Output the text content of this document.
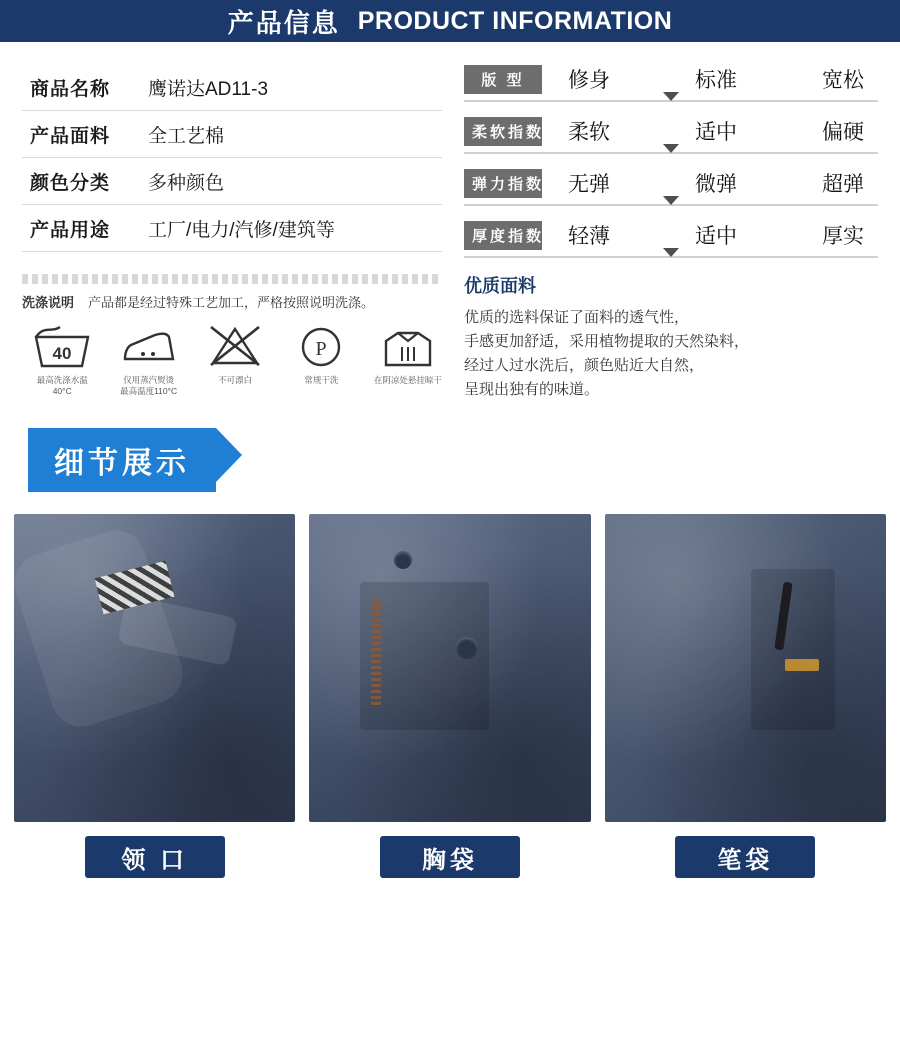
产品信息 PRODUCT INFORMATION
商品名称	鹰诺达AD11-3
产品面料	全工艺棉
颜色分类	多种颜色
产品用途	工厂/电力/汽修/建筑等
洗涤说明 产品都是经过特殊工艺加工，严格按照说明洗涤。
40
最高洗涤水温40°C
仅用蒸汽熨烫
最高温度110°C
不可漂白
P
常规干洗	在阴凉处悬挂晾干
版 型	修身	标准	宽松
柔软指数 柔软	适中	偏硬
弹力指数 无弹	微弹	超弹
厚度指数 轻薄	适中	厚实
优质面料

优质的选料保证了面料的透气性，

手感更加舒适，采用植物提取的天然染料，

经过人过水洗后，颜色贴近大自然，

呈现出独有的味道。

细节展示
领 口	胸袋	笔袋
